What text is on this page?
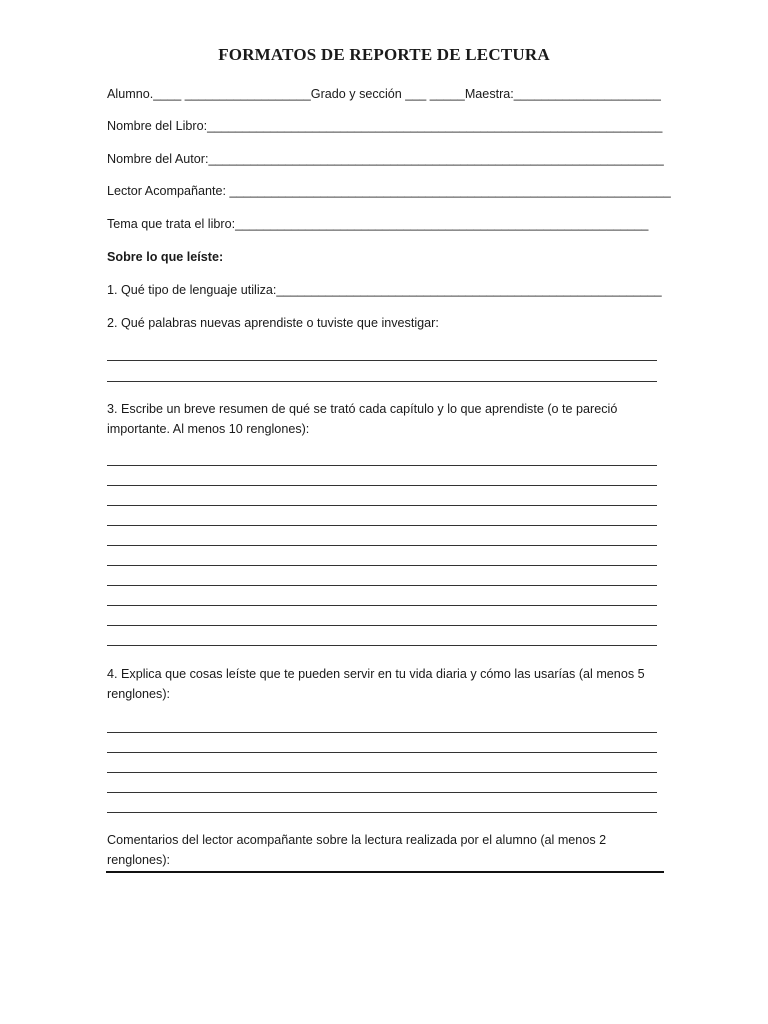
FORMATOS DE REPORTE DE LECTURA
Alumno.____ __________________Grado y sección ___ _____Maestra:_____________________
Nombre del Libro:_________________________________________________________________
Nombre del Autor:_________________________________________________________________
Lector Acompañante: _______________________________________________________________
Tema que trata el libro:___________________________________________________________
Sobre lo que leíste:
1. Qué tipo de lenguaje utiliza:_______________________________________________________
2. Qué palabras nuevas aprendiste o tuviste que investigar:
3. Escribe un breve resumen de qué se trató cada capítulo y lo que aprendiste (o te pareció importante. Al menos 10 renglones):
4. Explica que cosas leíste que te pueden servir en tu vida diaria y cómo las usarías (al menos 5 renglones):
Comentarios del lector acompañante sobre la lectura realizada por el alumno (al menos 2 renglones):
